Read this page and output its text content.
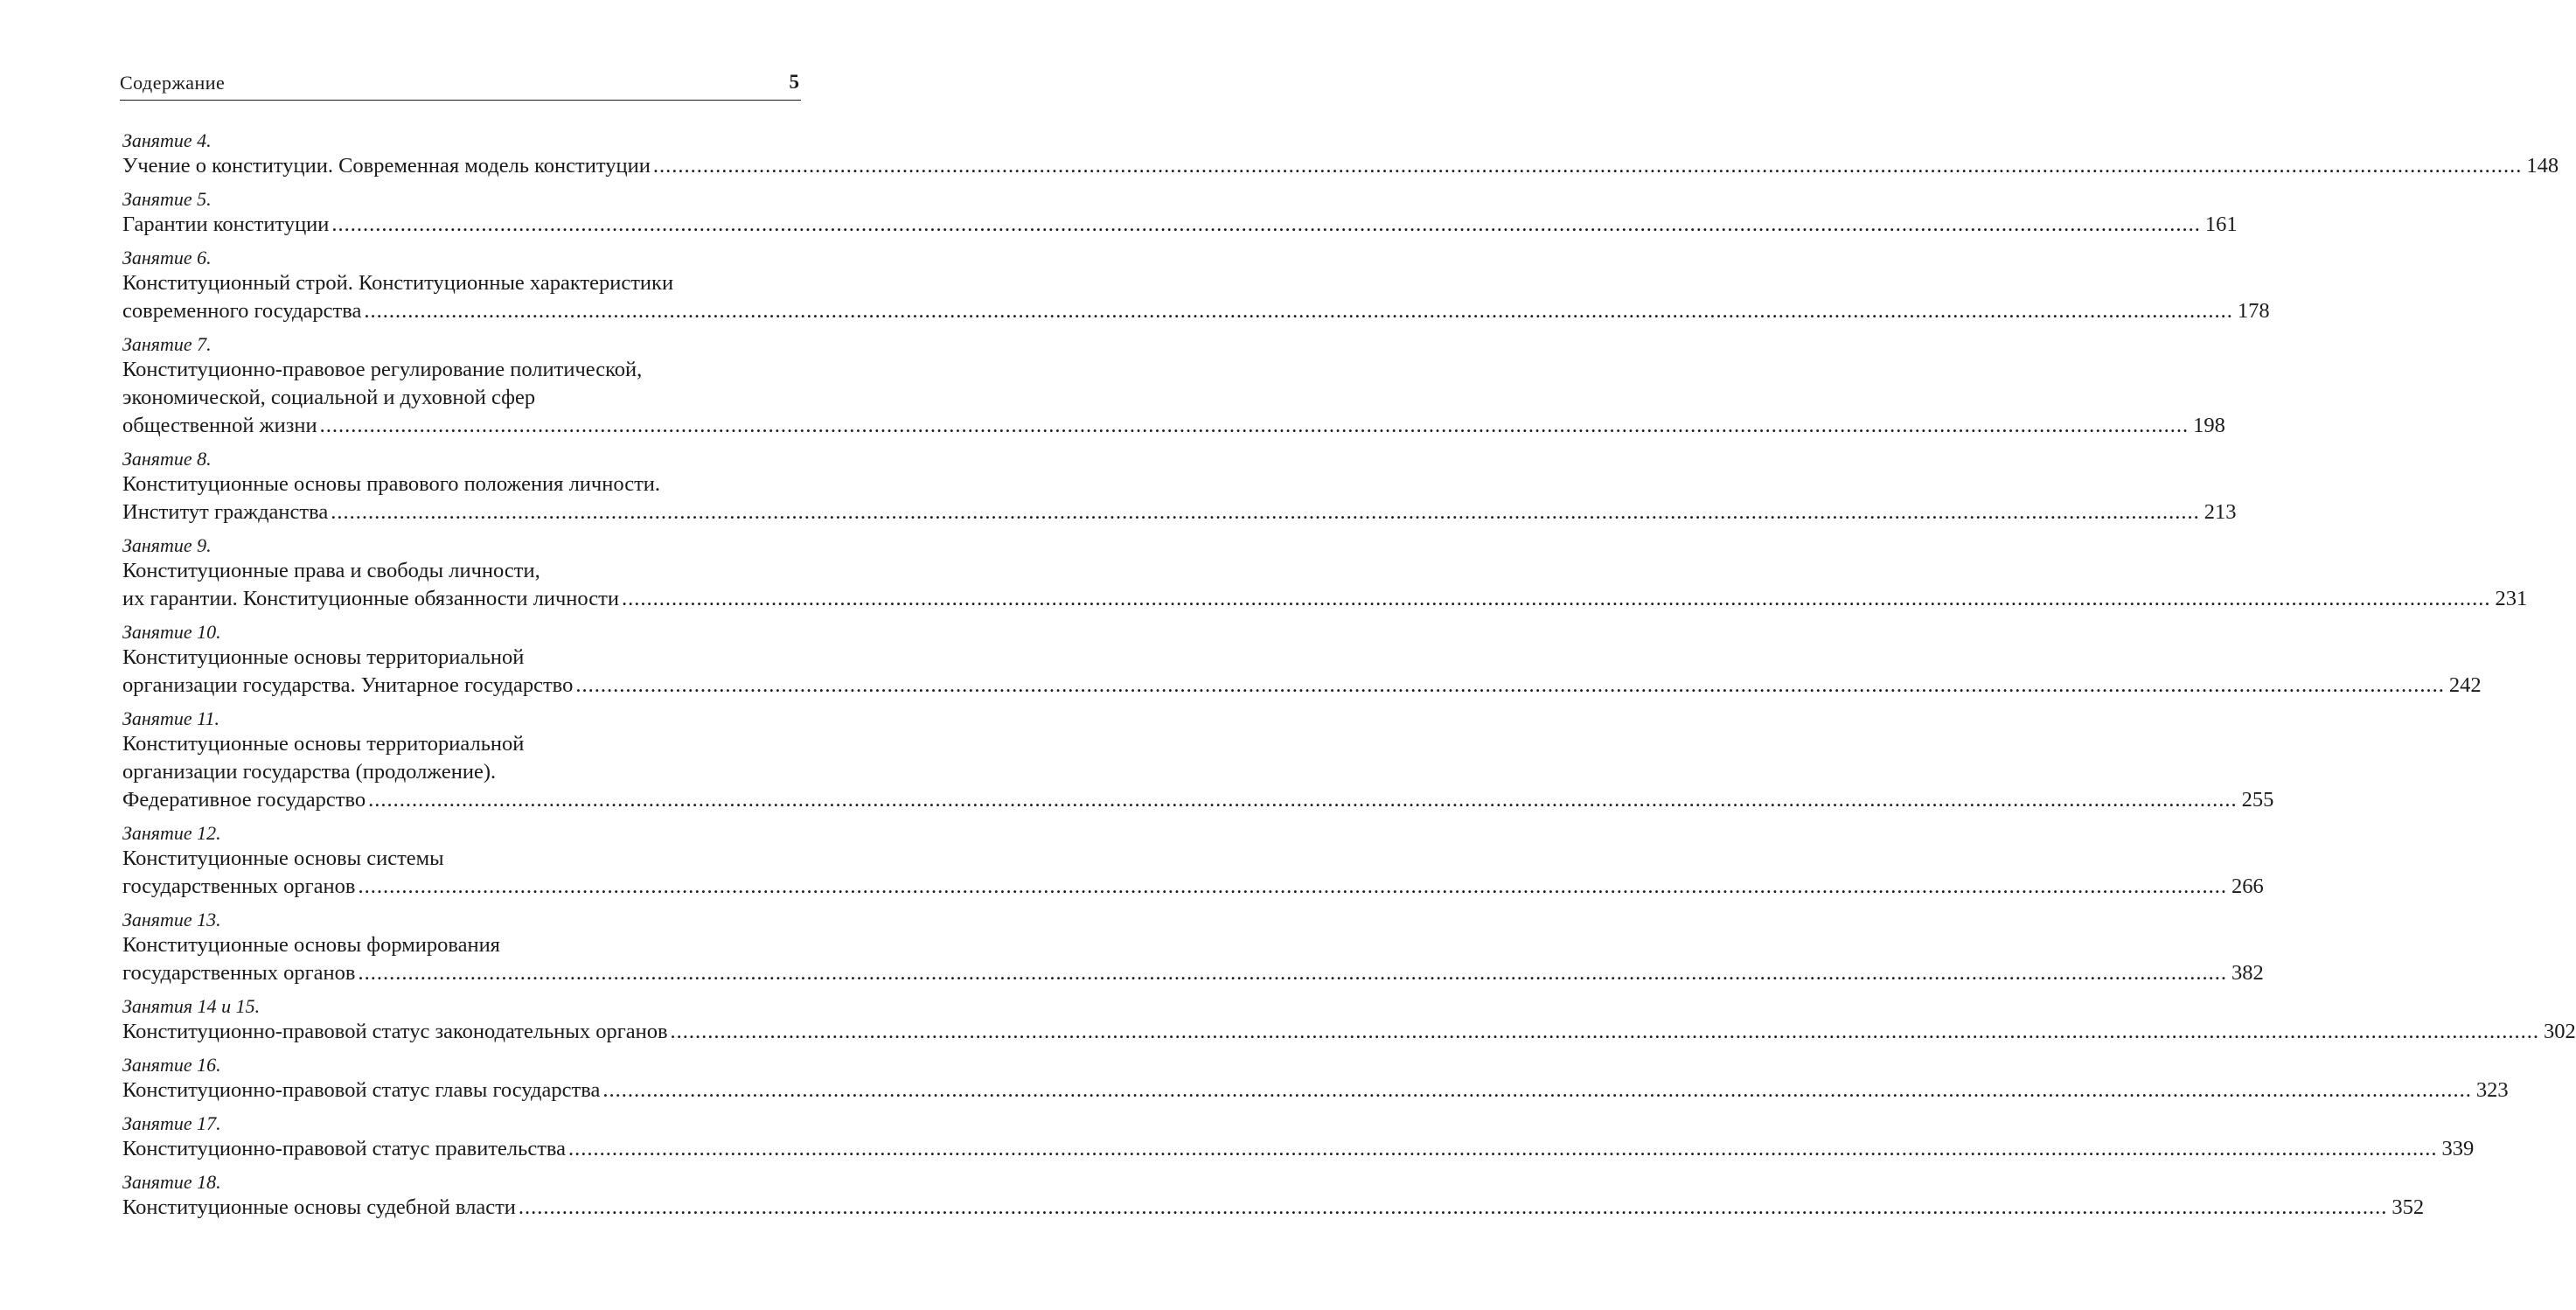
Содержание	5
Занятие 4.
Учение о конституции. Современная модель конституции ............................................................................................................................................................................................................................................................................................................ 148
Занятие 5.
Гарантии конституции ............................................................................................................................................................................................................................................................................................................ 161
Занятие 6.
Конституционный строй. Конституционные характеристики
современного государства ............................................................................................................................................................................................................................................................................................................ 178
Занятие 7.
Конституционно-правовое регулирование политической,
экономической, социальной и духовной сфер
общественной жизни ............................................................................................................................................................................................................................................................................................................ 198
Занятие 8.
Конституционные основы правового положения личности.
Институт гражданства ............................................................................................................................................................................................................................................................................................................ 213
Занятие 9.
Конституционные права и свободы личности,
их гарантии. Конституционные обязанности личности ............................................................................................................................................................................................................................................................................................................ 231
Занятие 10.
Конституционные основы территориальной
организации государства. Унитарное государство ............................................................................................................................................................................................................................................................................................................ 242
Занятие 11.
Конституционные основы территориальной
организации государства (продолжение).
Федеративное государство ............................................................................................................................................................................................................................................................................................................ 255
Занятие 12.
Конституционные основы системы
государственных органов ............................................................................................................................................................................................................................................................................................................ 266
Занятие 13.
Конституционные основы формирования
государственных органов ............................................................................................................................................................................................................................................................................................................ 382
Занятия 14 и 15.
Конституционно-правовой статус законодательных органов ............................................................................................................................................................................................................................................................................................................ 302
Занятие 16.
Конституционно-правовой статус главы государства ............................................................................................................................................................................................................................................................................................................ 323
Занятие 17.
Конституционно-правовой статус правительства ............................................................................................................................................................................................................................................................................................................ 339
Занятие 18.
Конституционные основы судебной власти ............................................................................................................................................................................................................................................................................................................ 352
